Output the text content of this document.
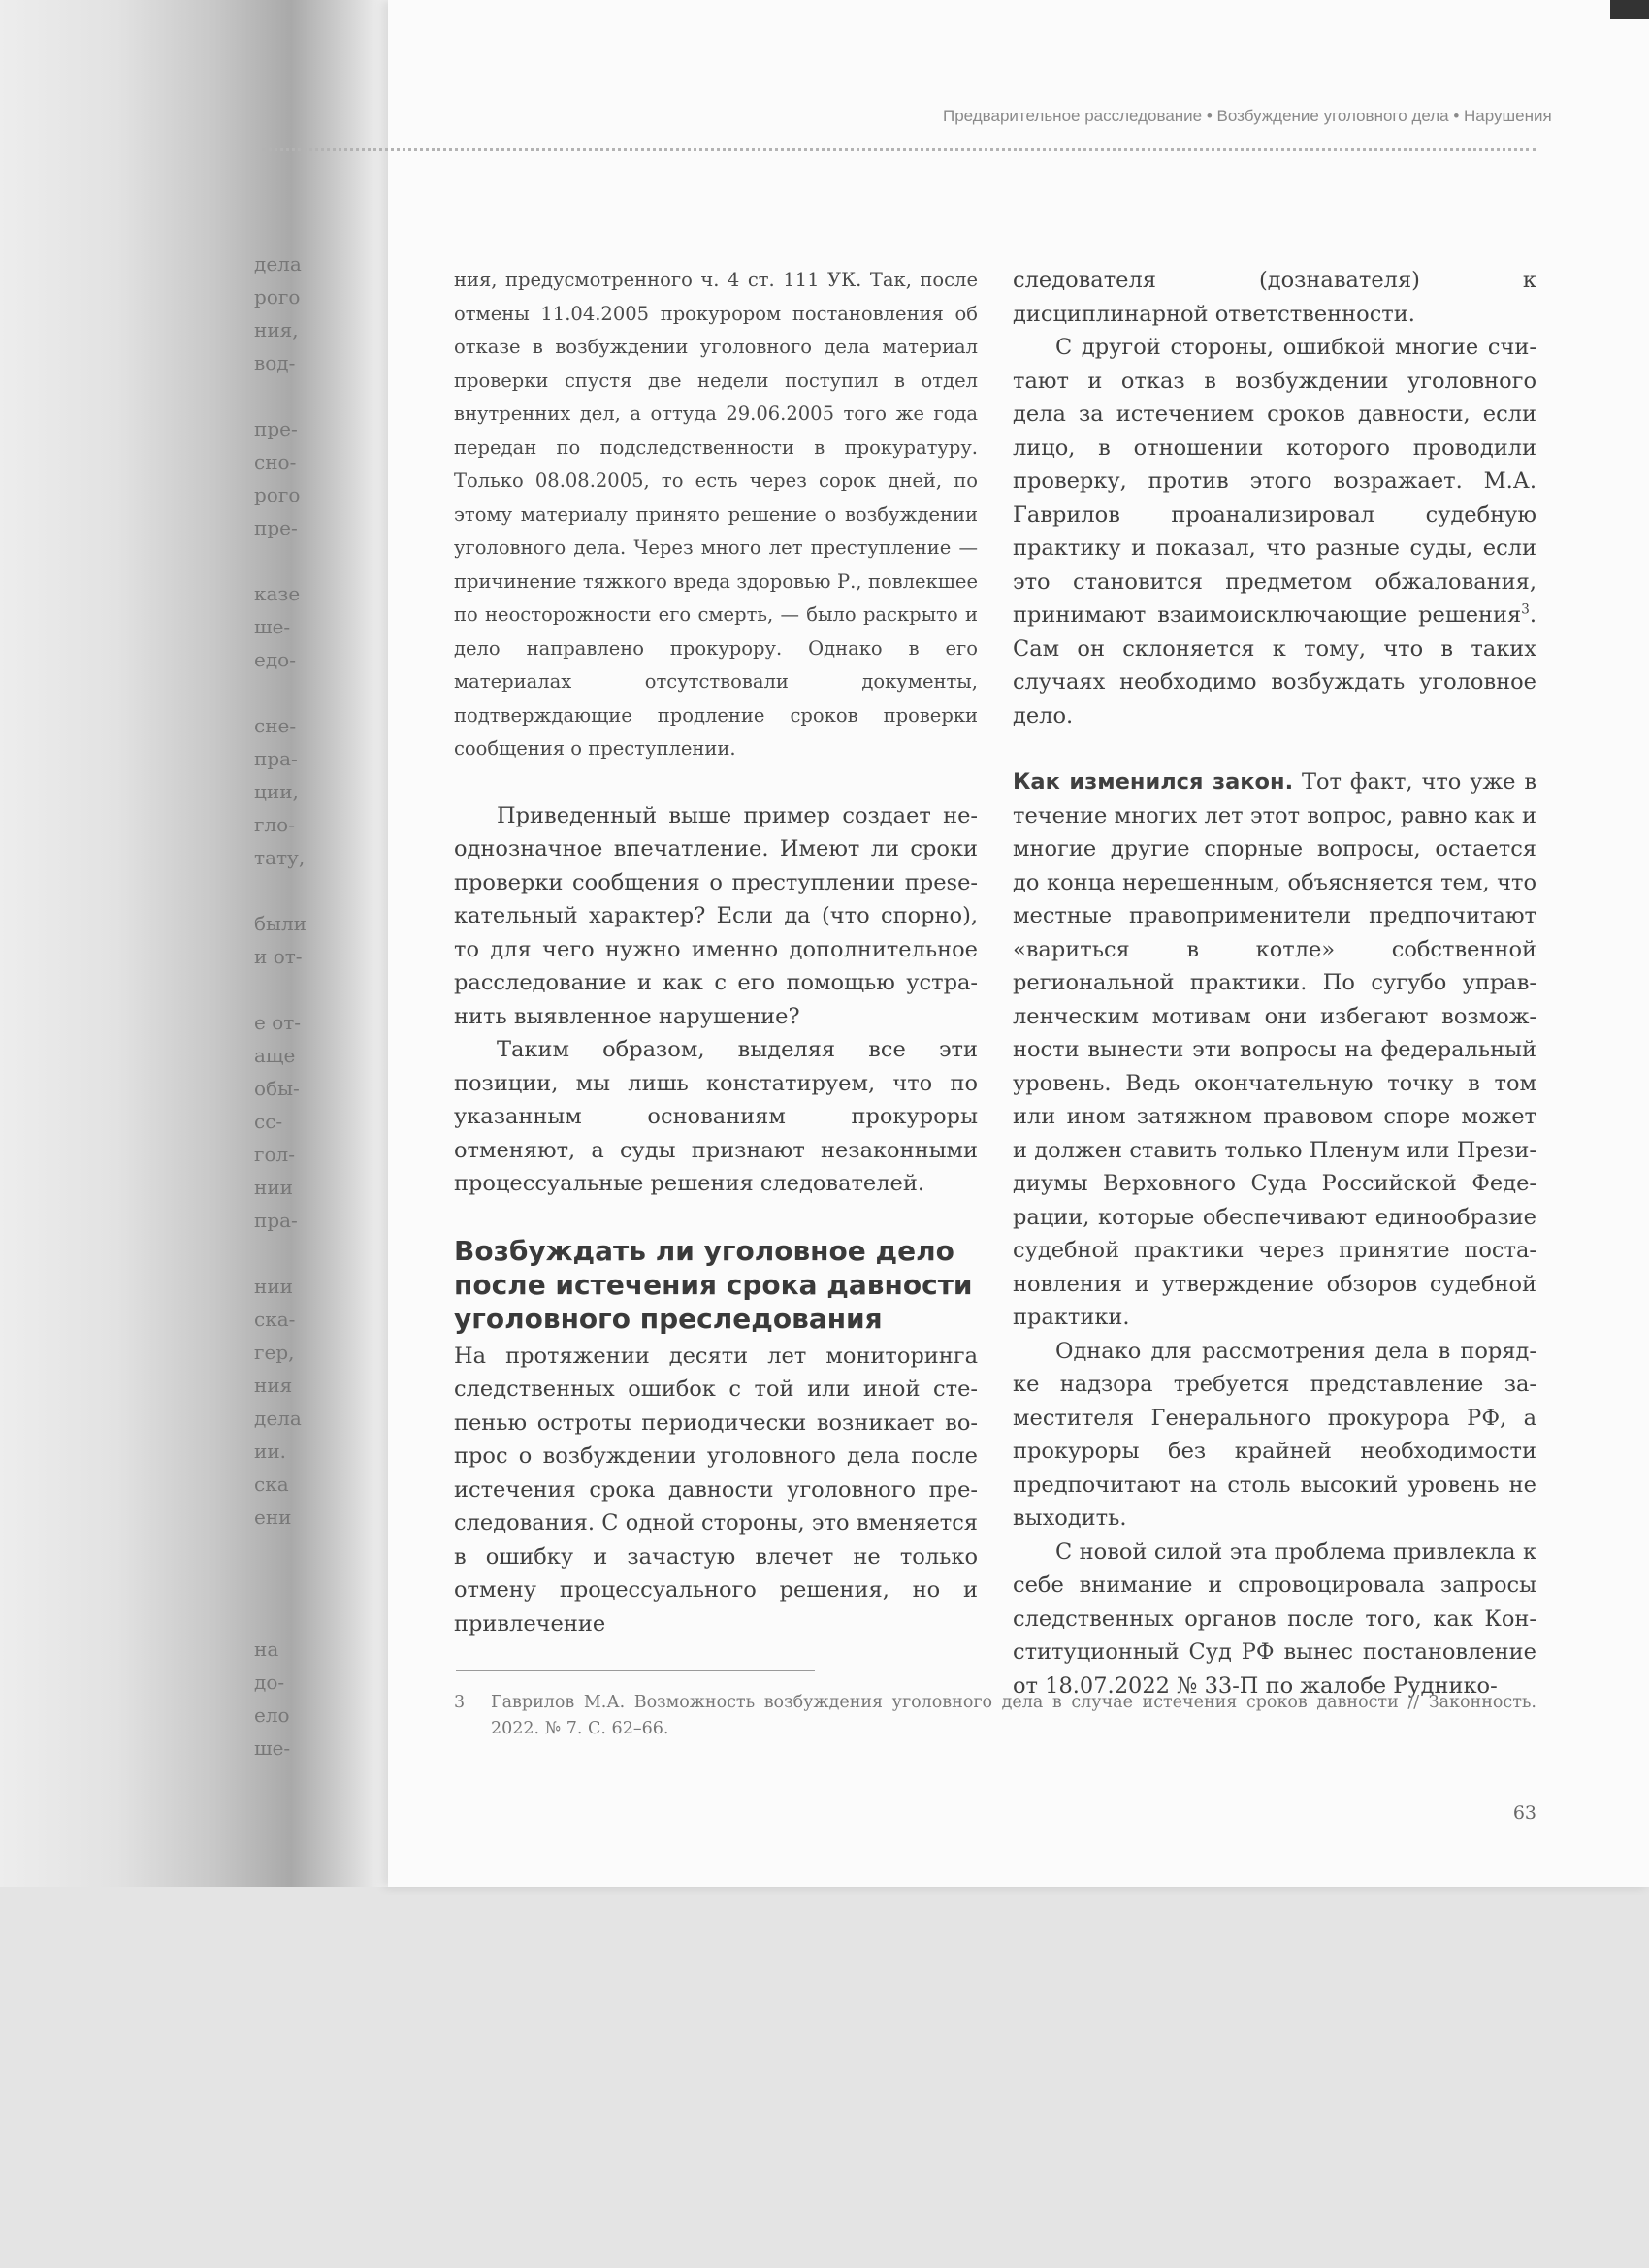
дела
рого
ния,
вод-
пре-
сно-
рого
пре-
казе
ше-
едо-
сне-
пра-
ции,
гло-
тату,
были
и от-
е от-
аще
обы-
сс-
гол-
нии
пра-
нии
ска-
гер,
ния
дела
ии.
ска
ени
на
до-
ело
ше-
Предварительное расследование • Возбуждение уголовного дела • Нарушения

ния, предусмотренного ч. 4 ст. 111 УК. Так, после отмены 11.04.2005 прокурором постановления об отказе в возбуждении уголовного дела материал проверки спустя две недели поступил в отдел внутренних дел, а оттуда 29.06.2005 того же года передан по подследственности в прокуратуру. Только 08.08.2005, то есть через сорок дней, по этому материалу принято решение о возбуждении уголовного дела. Через много лет преступление — причинение тяжкого вреда здоровью Р., повлекшее по неосторожности его смерть, — было раскрыто и дело направлено прокурору. Однако в его материалах отсутствовали документы, подтверждающие продление сроков проверки сообщения о преступлении.

Приведенный выше пример создает неоднозначное впечатление. Имеют ли сроки проверки сообщения о преступлении прeseкательный характер? Если да (что спорно), то для чего нужно именно дополнительное расследование и как с его помощью устранить выявленное нарушение?

Таким образом, выделяя все эти позиции, мы лишь констатируем, что по указанным основаниям прокуроры отменяют, а суды признают незаконными процессуальные решения следователей.

Возбуждать ли уголовное дело после истечения срока давности уголовного преследования

На протяжении десяти лет мониторинга следственных ошибок с той или иной степенью остроты периодически возникает вопрос о возбуждении уголовного дела после истечения срока давности уголовного преследования. С одной стороны, это вменяется в ошибку и зачастую влечет не только отмену процессуального решения, но и привлечение

следователя (дознавателя) к дисциплинарной ответственности.

С другой стороны, ошибкой многие считают и отказ в возбуждении уголовного дела за истечением сроков давности, если лицо, в отношении которого проводили проверку, против этого возражает. М.А. Гаврилов проанализировал судебную практику и показал, что разные суды, если это становится предметом обжалования, принимают взаимоисключающие решения$^3$. Сам он склоняется к тому, что в таких случаях необходимо возбуждать уголовное дело.

Как изменился закон. Тот факт, что уже в течение многих лет этот вопрос, равно как и многие другие спорные вопросы, остается до конца нерешенным, объясняется тем, что местные правоприменители предпочитают «вариться в котле» собственной региональной практики. По сугубо управленческим мотивам они избегают возможности вынести эти вопросы на федеральный уровень. Ведь окончательную точку в том или ином затяжном правовом споре может и должен ставить только Пленум или Президиумы Верховного Суда Российской Федерации, которые обеспечивают единообразие судебной практики через принятие постановления и утверждение обзоров судебной практики.

Однако для рассмотрения дела в порядке надзора требуется представление заместителя Генерального прокурора РФ, а прокуроры без крайней необходимости предпочитают на столь высокий уровень не выходить.

С новой силой эта проблема привлекла к себе внимание и спровоцировала запросы следственных органов после того, как Конституционный Суд РФ вынес постановление от 18.07.2022 № 33-П по жалобе Руднико-

3 Гаврилов М.А. Возможность возбуждения уголовного дела в случае истечения сроков давности // Законность. 2022. № 7. С. 62–66.
63
